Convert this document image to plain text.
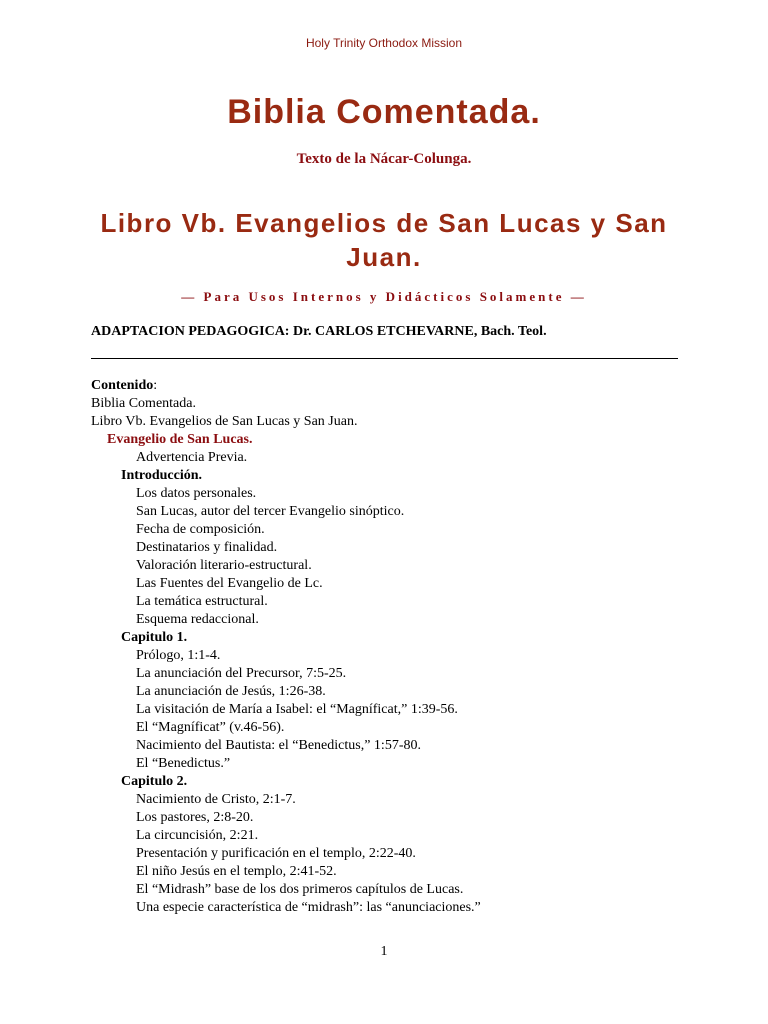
Holy Trinity Orthodox Mission
Biblia Comentada.
Texto de la Nácar-Colunga.
Libro Vb. Evangelios de San Lucas y San Juan.
— Para Usos Internos y Didácticos Solamente —
ADAPTACION PEDAGOGICA: Dr. CARLOS ETCHEVARNE, Bach. Teol.
Contenido:
Biblia Comentada.
Libro Vb. Evangelios de San Lucas y San Juan.
Evangelio de San Lucas.
Advertencia Previa.
Introducción.
Los datos personales.
San Lucas, autor del tercer Evangelio sinóptico.
Fecha de composición.
Destinatarios y finalidad.
Valoración literario-estructural.
Las Fuentes del Evangelio de Lc.
La temática estructural.
Esquema redaccional.
Capitulo 1.
Prólogo, 1:1-4.
La anunciación del Precursor, 7:5-25.
La anunciación de Jesús, 1:26-38.
La visitación de María a Isabel: el “Magníficat,” 1:39-56.
El “Magníficat” (v.46-56).
Nacimiento del Bautista: el “Benedictus,” 1:57-80.
El “Benedictus.”
Capitulo 2.
Nacimiento de Cristo, 2:1-7.
Los pastores, 2:8-20.
La circuncisión, 2:21.
Presentación y purificación en el templo, 2:22-40.
El niño Jesús en el templo, 2:41-52.
El “Midrash” base de los dos primeros capítulos de Lucas.
Una especie característica de “midrash”: las “anunciaciones.”
1
